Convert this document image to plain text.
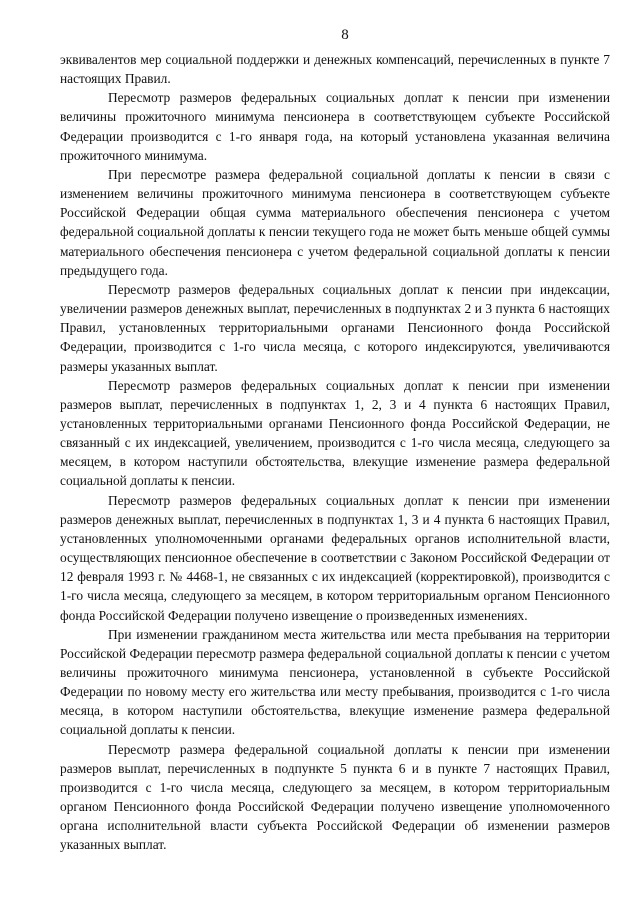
8

эквивалентов мер социальной поддержки и денежных компенсаций, перечисленных в пункте 7 настоящих Правил.

Пересмотр размеров федеральных социальных доплат к пенсии при изменении величины прожиточного минимума пенсионера в соответствующем субъекте Российской Федерации производится с 1-го января года, на который установлена указанная величина прожиточного минимума.

При пересмотре размера федеральной социальной доплаты к пенсии в связи с изменением величины прожиточного минимума пенсионера в соответствующем субъекте Российской Федерации общая сумма материального обеспечения пенсионера с учетом федеральной социальной доплаты к пенсии текущего года не может быть меньше общей суммы материального обеспечения пенсионера с учетом федеральной социальной доплаты к пенсии предыдущего года.

Пересмотр размеров федеральных социальных доплат к пенсии при индексации, увеличении размеров денежных выплат, перечисленных в подпунктах 2 и 3 пункта 6 настоящих Правил, установленных территориальными органами Пенсионного фонда Российской Федерации, производится с 1-го числа месяца, с которого индексируются, увеличиваются размеры указанных выплат.

Пересмотр размеров федеральных социальных доплат к пенсии при изменении размеров выплат, перечисленных в подпунктах 1, 2, 3 и 4 пункта 6 настоящих Правил, установленных территориальными органами Пенсионного фонда Российской Федерации, не связанный с их индексацией, увеличением, производится с 1-го числа месяца, следующего за месяцем, в котором наступили обстоятельства, влекущие изменение размера федеральной социальной доплаты к пенсии.

Пересмотр размеров федеральных социальных доплат к пенсии при изменении размеров денежных выплат, перечисленных в подпунктах 1, 3 и 4 пункта 6 настоящих Правил, установленных уполномоченными органами федеральных органов исполнительной власти, осуществляющих пенсионное обеспечение в соответствии с Законом Российской Федерации от 12 февраля 1993 г. № 4468-1, не связанных с их индексацией (корректировкой), производится с 1-го числа месяца, следующего за месяцем, в котором территориальным органом Пенсионного фонда Российской Федерации получено извещение о произведенных изменениях.

При изменении гражданином места жительства или места пребывания на территории Российской Федерации пересмотр размера федеральной социальной доплаты к пенсии с учетом величины прожиточного минимума пенсионера, установленной в субъекте Российской Федерации по новому месту его жительства или месту пребывания, производится с 1-го числа месяца, в котором наступили обстоятельства, влекущие изменение размера федеральной социальной доплаты к пенсии.

Пересмотр размера федеральной социальной доплаты к пенсии при изменении размеров выплат, перечисленных в подпункте 5 пункта 6 и в пункте 7 настоящих Правил, производится с 1-го числа месяца, следующего за месяцем, в котором территориальным органом Пенсионного фонда Российской Федерации получено извещение уполномоченного органа исполнительной власти субъекта Российской Федерации об изменении размеров указанных выплат.
